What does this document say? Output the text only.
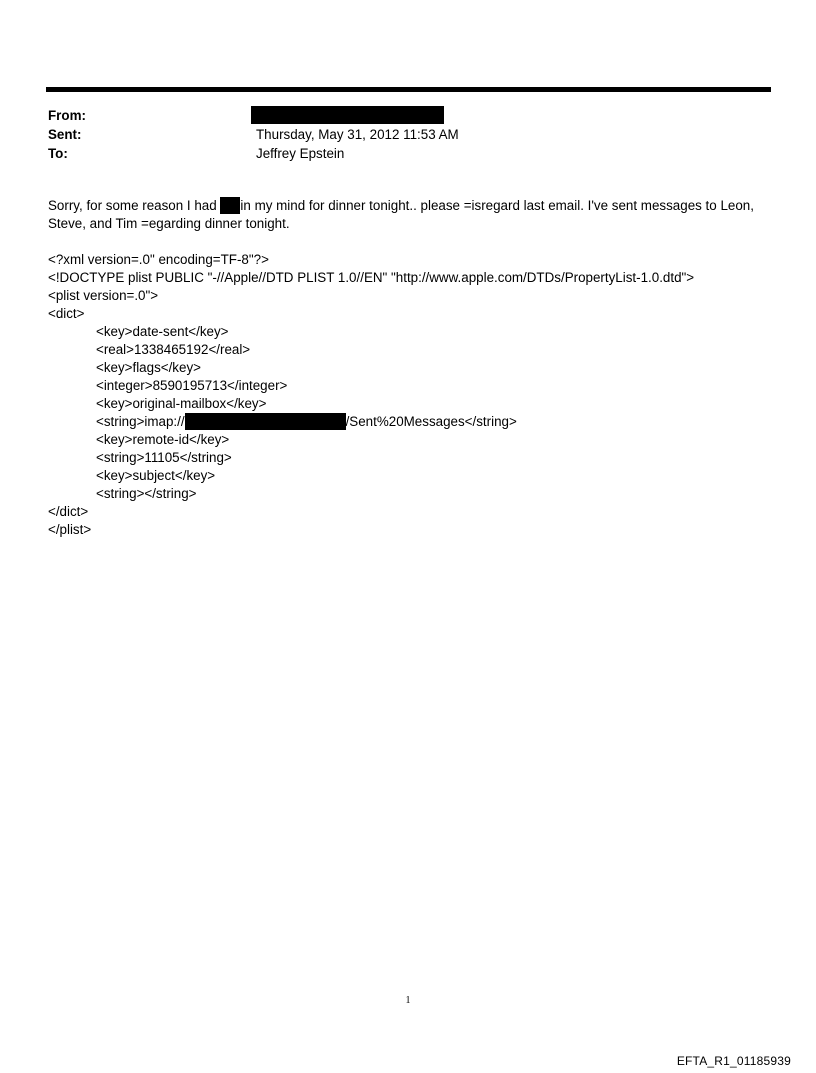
From:
Sent:	Thursday, May 31, 2012 11:53 AM
To:	Jeffrey Epstein
Sorry, for some reason I had in my mind for dinner tonight.. please =isregard last email. I've sent messages to Leon,
Steve, and Tim =egarding dinner tonight.
<?xml version=.0" encoding=TF-8"?>
<!DOCTYPE plist PUBLIC "-//Apple//DTD PLIST 1.0//EN" "http://www.apple.com/DTDs/PropertyList-1.0.dtd">
<plist version=.0">
<dict>
<key>date-sent</key>
<real>1338465192</real>
<key>flags</key>
<integer>8590195713</integer>
<key>original-mailbox</key>
<string>imap://	/Sent%20Messages</string>
<key>remote-id</key>
<string>11105</string>
<key>subject</key>
<string></string>
</dict>
</plist>
1
EFTA_R1_01185939
